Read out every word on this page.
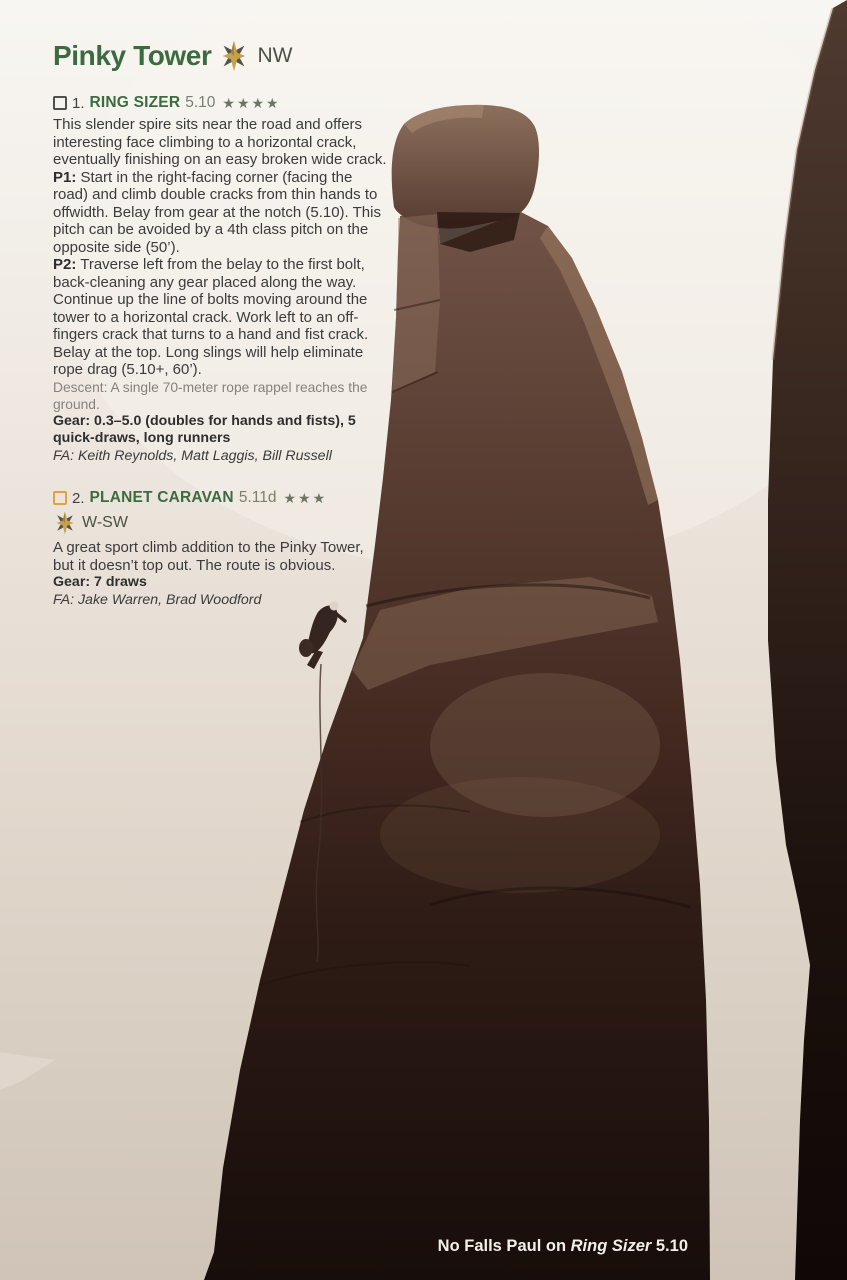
No Falls Paul on Ring Sizer 5.10
Pinky Tower NW
1. RING SIZER 5.10 ★★★★

This slender spire sits near the road and offers interesting face climbing to a horizontal crack, eventually finishing on an easy broken wide crack.

P1: Start in the right-facing corner (facing the road) and climb double cracks from thin hands to offwidth. Belay from gear at the notch (5.10). This pitch can be avoided by a 4th class pitch on the opposite side (50’).

P2: Traverse left from the belay to the first bolt, back-cleaning any gear placed along the way. Continue up the line of bolts moving around the tower to a horizontal crack. Work left to an off-fingers crack that turns to a hand and fist crack. Belay at the top. Long slings will help eliminate rope drag (5.10+, 60’).

Descent: A single 70-meter rope rappel reaches the ground.

Gear: 0.3–5.0 (doubles for hands and fists), 5 quick-draws, long runners

FA: Keith Reynolds, Matt Laggis, Bill Russell

2. PLANET CARAVAN 5.11d ★★★
W-SW

A great sport climb addition to the Pinky Tower, but it doesn’t top out. The route is obvious.

Gear: 7 draws

FA: Jake Warren, Brad Woodford
